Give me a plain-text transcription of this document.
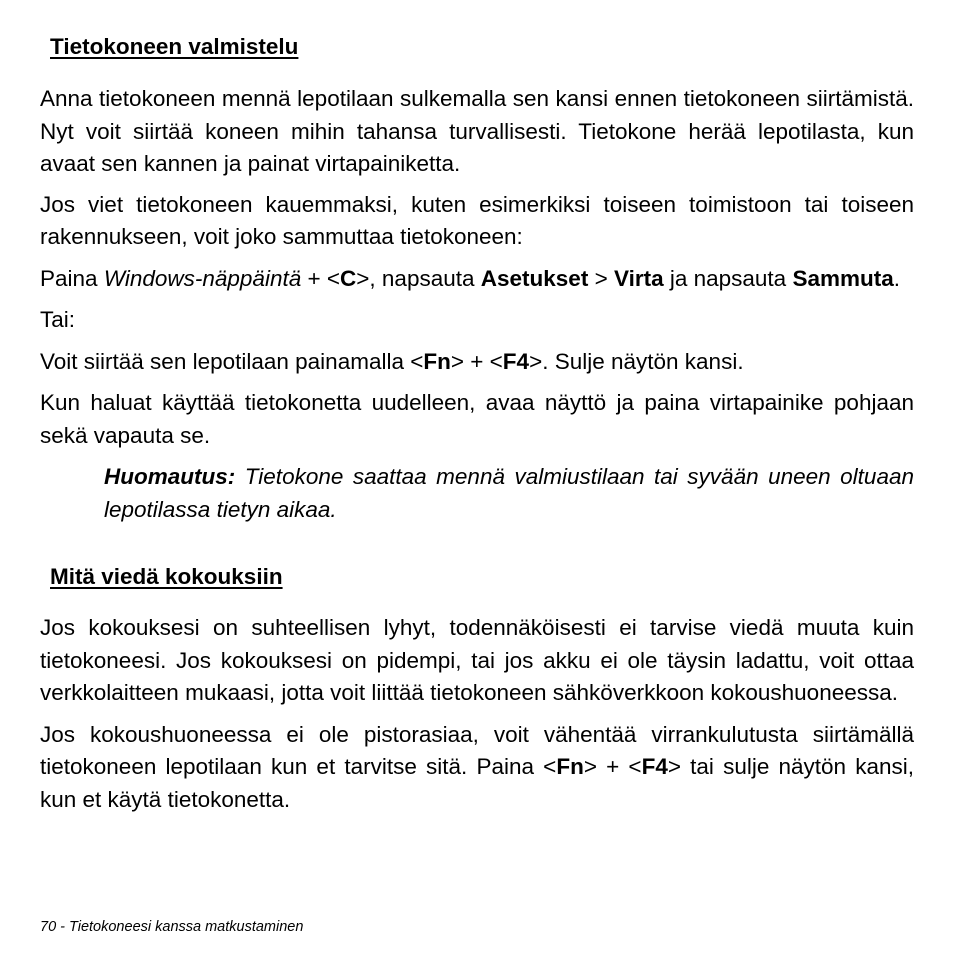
Tietokoneen valmistelu

Anna tietokoneen mennä lepotilaan sulkemalla sen kansi ennen tietokoneen siirtämistä. Nyt voit siirtää koneen mihin tahansa turvallisesti. Tietokone herää lepotilasta, kun avaat sen kannen ja painat virtapainiketta.

Jos viet tietokoneen kauemmaksi, kuten esimerkiksi toiseen toimistoon tai toiseen rakennukseen, voit joko sammuttaa tietokoneen:

Paina Windows-näppäintä + <C>, napsauta Asetukset > Virta ja napsauta Sammuta.

Tai:

Voit siirtää sen lepotilaan painamalla <Fn> + <F4>. Sulje näytön kansi.

Kun haluat käyttää tietokonetta uudelleen, avaa näyttö ja paina virtapainike pohjaan sekä vapauta se.

Huomautus: Tietokone saattaa mennä valmiustilaan tai syvään uneen oltuaan lepotilassa tietyn aikaa.

Mitä viedä kokouksiin

Jos kokouksesi on suhteellisen lyhyt, todennäköisesti ei tarvise viedä muuta kuin tietokoneesi. Jos kokouksesi on pidempi, tai jos akku ei ole täysin ladattu, voit ottaa verkkolaitteen mukaasi, jotta voit liittää tietokoneen sähköverkkoon kokoushuoneessa.

Jos kokoushuoneessa ei ole pistorasiaa, voit vähentää virrankulutusta siirtämällä tietokoneen lepotilaan kun et tarvitse sitä. Paina <Fn> + <F4> tai sulje näytön kansi, kun et käytä tietokonetta.

70 - Tietokoneesi kanssa matkustaminen
